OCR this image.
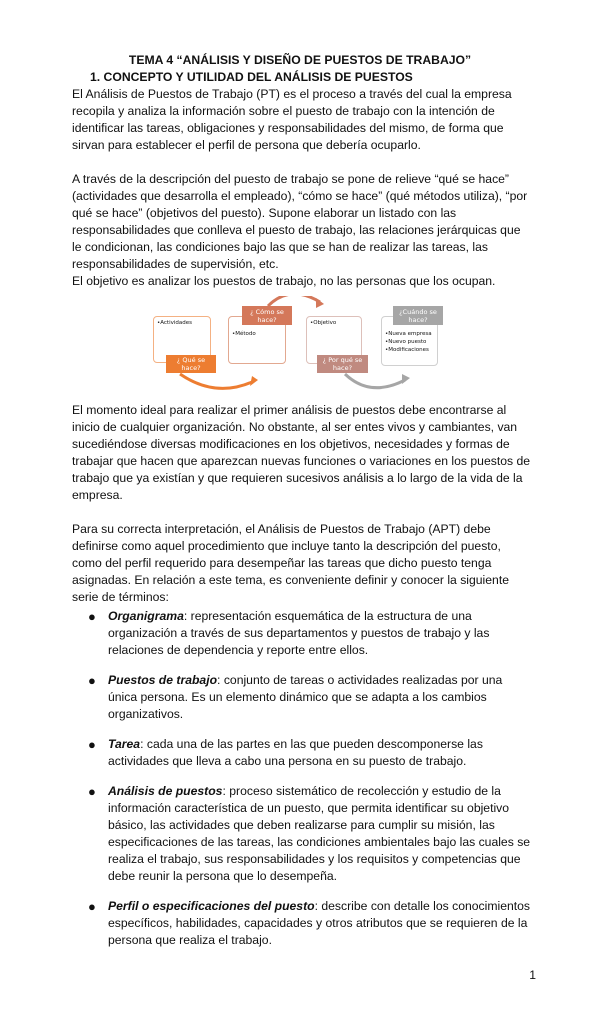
TEMA 4 “ANÁLISIS Y DISEÑO DE PUESTOS DE TRABAJO”
1. CONCEPTO Y UTILIDAD DEL ANÁLISIS DE PUESTOS

El Análisis de Puestos de Trabajo (PT) es el proceso a través del cual la empresa recopila y analiza la información sobre el puesto de trabajo con la intención de identificar las tareas, obligaciones y responsabilidades del mismo, de forma que sirvan para establecer el perfil de persona que debería ocuparlo.

A través de la descripción del puesto de trabajo se pone de relieve “qué se hace” (actividades que desarrolla el empleado), “cómo se hace” (qué métodos utiliza), “por qué se hace” (objetivos del puesto). Supone elaborar un listado con las responsabilidades que conlleva el puesto de trabajo, las relaciones jerárquicas que le condicionan, las condiciones bajo las que se han de realizar las tareas, las responsabilidades de supervisión, etc.

El objetivo es analizar los puestos de trabajo, no las personas que los ocupan.

•Actividades
¿ Qué se hace?
•Método
¿ Cómo se hace?	•Objetivo
¿ Por qué se hace?
•Nueva empresa
•Nuevo puesto
•Modificaciones
¿Cuándo se hace?

El momento ideal para realizar el primer análisis de puestos debe encontrarse al inicio de cualquier organización. No obstante, al ser entes vivos y cambiantes, van sucediéndose diversas modificaciones en los objetivos, necesidades y formas de trabajar que hacen que aparezcan nuevas funciones o variaciones en los puestos de trabajo que ya existían y que requieren sucesivos análisis a lo largo de la vida de la empresa.

Para su correcta interpretación, el Análisis de Puestos de Trabajo (APT) debe definirse como aquel procedimiento que incluye tanto la descripción del puesto, como del perfil requerido para desempeñar las tareas que dicho puesto tenga asignadas. En relación a este tema, es conveniente definir y conocer la siguiente serie de términos:

● Organigrama: representación esquemática de la estructura de una organización a través de sus departamentos y puestos de trabajo y las relaciones de dependencia y reporte entre ellos.
● Puestos de trabajo: conjunto de tareas o actividades realizadas por una única persona. Es un elemento dinámico que se adapta a los cambios organizativos.
● Tarea: cada una de las partes en las que pueden descomponerse las actividades que lleva a cabo una persona en su puesto de trabajo.
● Análisis de puestos: proceso sistemático de recolección y estudio de la información característica de un puesto, que permita identificar su objetivo básico, las actividades que deben realizarse para cumplir su misión, las especificaciones de las tareas, las condiciones ambientales bajo las cuales se realiza el trabajo, sus responsabilidades y los requisitos y competencias que debe reunir la persona que lo desempeña.
● Perfil o especificaciones del puesto: describe con detalle los conocimientos específicos, habilidades, capacidades y otros atributos que se requieren de la persona que realiza el trabajo.
1
